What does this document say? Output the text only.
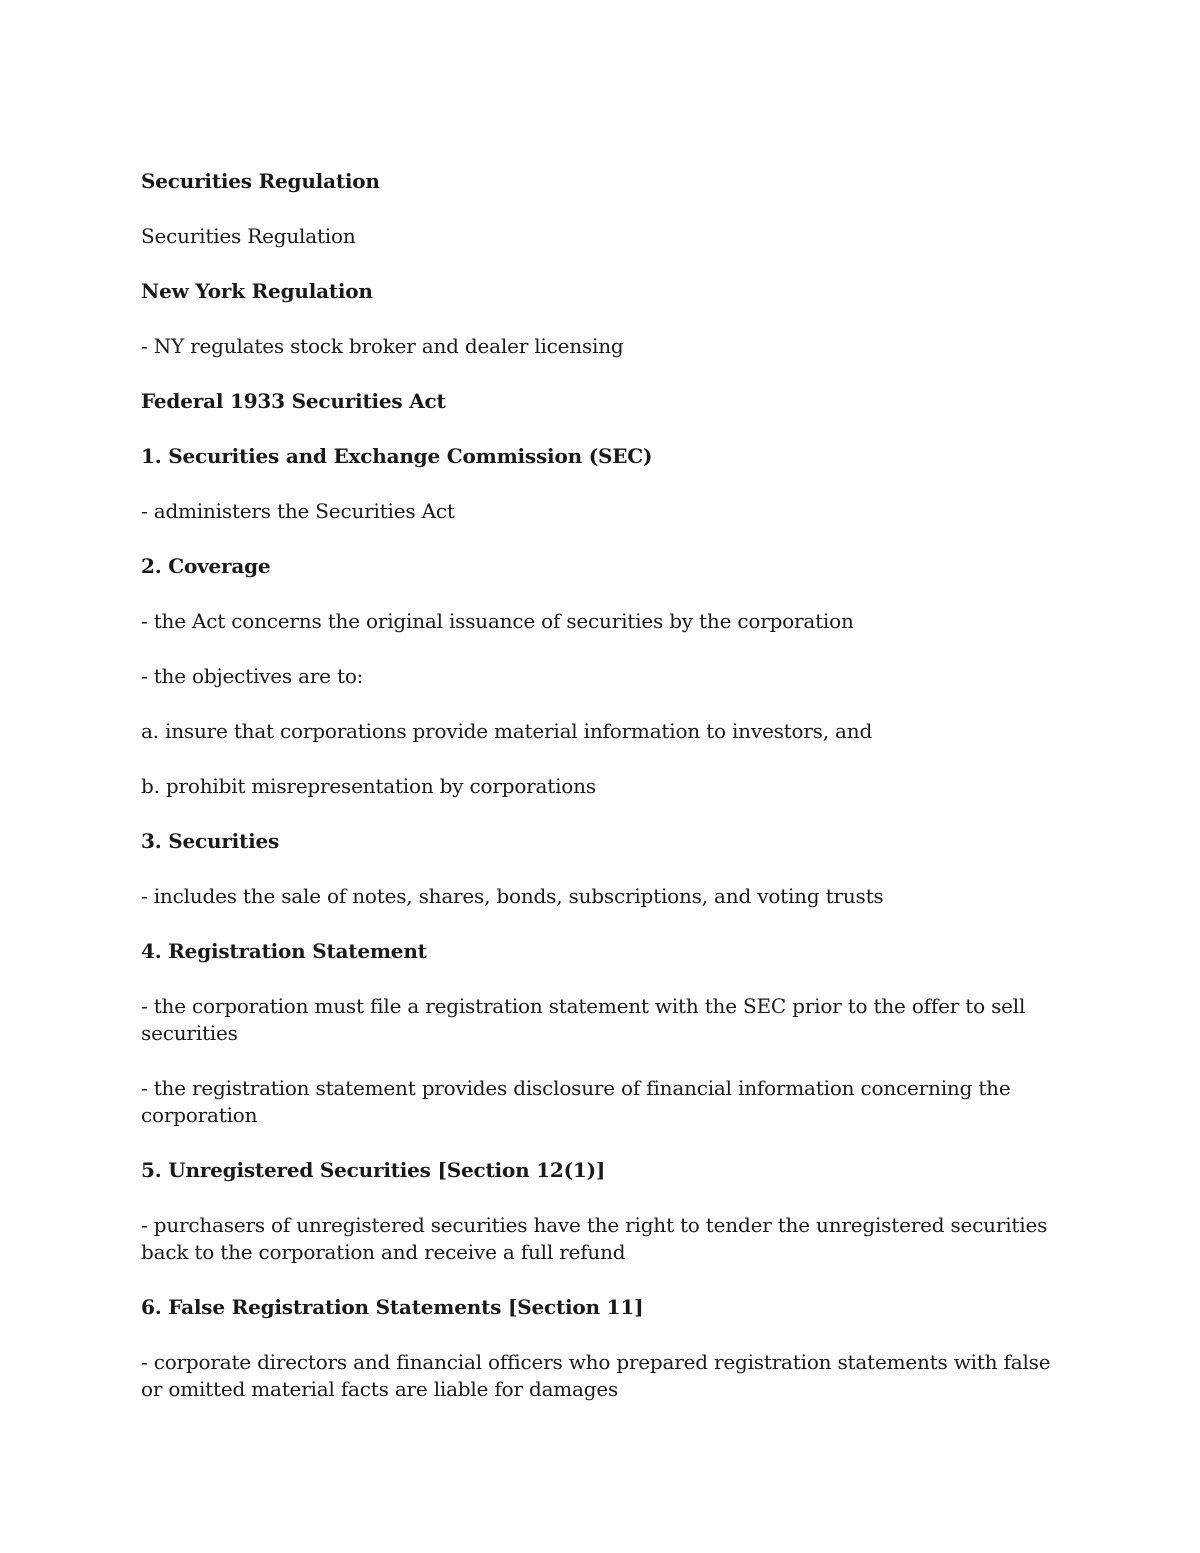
Securities Regulation

Securities Regulation

New York Regulation

- NY regulates stock broker and dealer licensing

Federal 1933 Securities Act

1. Securities and Exchange Commission (SEC)

- administers the Securities Act

2. Coverage

- the Act concerns the original issuance of securities by the corporation

- the objectives are to:

a. insure that corporations provide material information to investors, and

b. prohibit misrepresentation by corporations

3. Securities

- includes the sale of notes, shares, bonds, subscriptions, and voting trusts

4. Registration Statement

- the corporation must file a registration statement with the SEC prior to the offer to sell securities

- the registration statement provides disclosure of financial information concerning the corporation

5. Unregistered Securities [Section 12(1)]

- purchasers of unregistered securities have the right to tender the unregistered securities back to the corporation and receive a full refund

6. False Registration Statements [Section 11]

- corporate directors and financial officers who prepared registration statements with false or omitted material facts are liable for damages
